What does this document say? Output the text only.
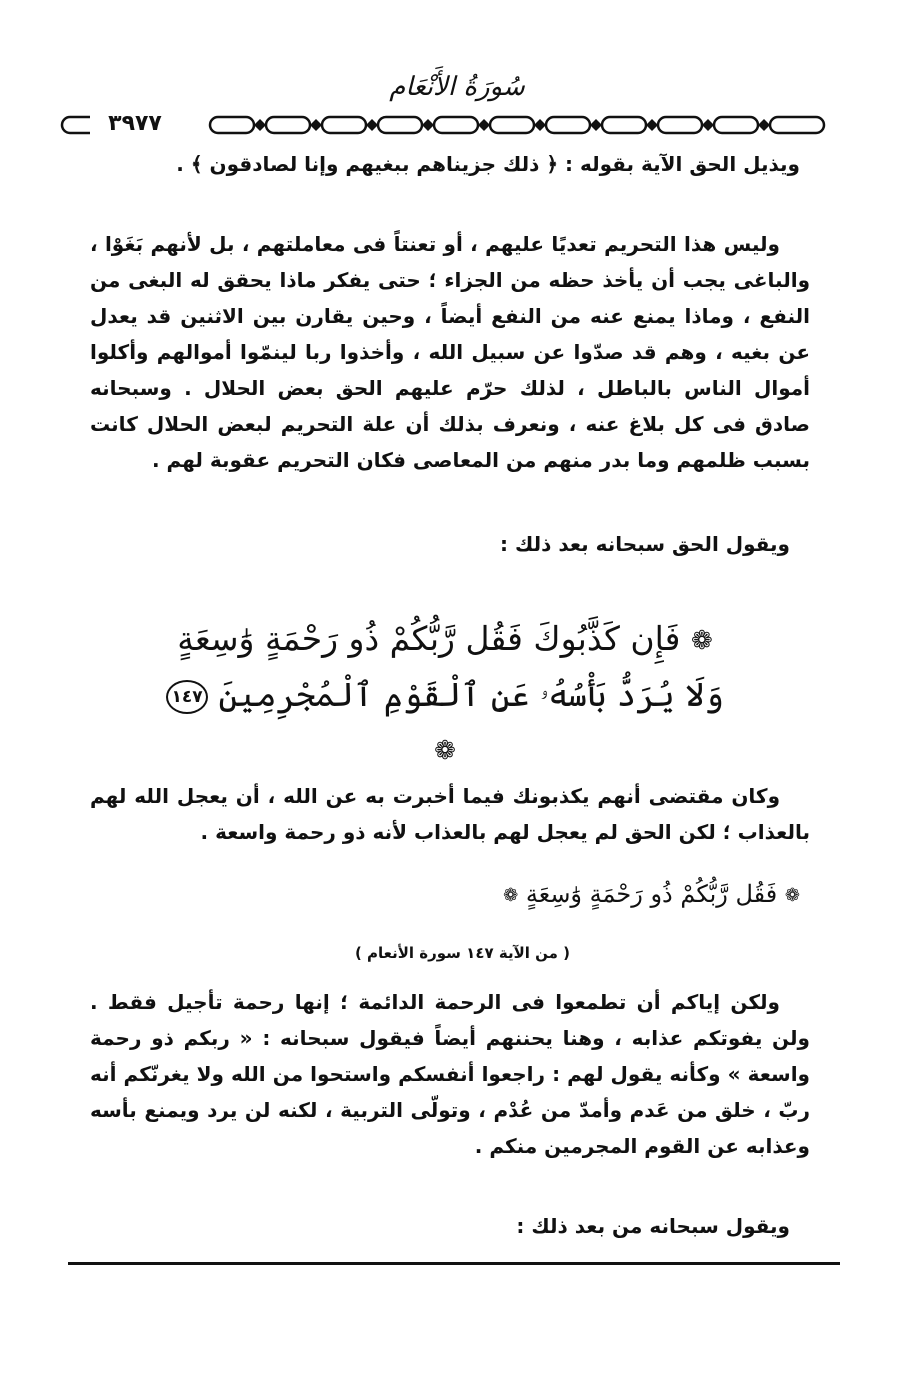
سُورَةُ الأَنْعَام
٣٩٧٧

ويذيل الحق الآية بقوله : ﴿ ذلك جزيناهم ببغيهم وإنا لصادقون ﴾ .

وليس هذا التحريم تعديًا عليهم ، أو تعنتاً فى معاملتهم ، بل لأنهم بَغَوْا ، والباغى يجب أن يأخذ حظه من الجزاء ؛ حتى يفكر ماذا يحقق له البغى من النفع ، وماذا يمنع عنه من النفع أيضاً ، وحين يقارن بين الاثنين قد يعدل عن بغيه ، وهم قد صدّوا عن سبيل الله ، وأخذوا ربا لينمّوا أموالهم وأكلوا أموال الناس بالباطل ، لذلك حرّم عليهم الحق بعض الحلال . وسبحانه صادق فى كل بلاغ عنه ، ونعرف بذلك أن علة التحريم لبعض الحلال كانت بسبب ظلمهم وما بدر منهم من المعاصى فكان التحريم عقوبة لهم .

ويقول الحق سبحانه بعد ذلك :

❁ فَإِن كَذَّبُوكَ فَقُل رَّبُّكُمْ ذُو رَحْمَةٍ وَٰسِعَةٍ
وَلَا يُرَدُّ بَأْسُهُۥ عَنِ ٱلْقَوْمِ ٱلْمُجْرِمِينَ ١٤٧ ❁

وكان مقتضى أنهم يكذبونك فيما أخبرت به عن الله ، أن يعجل الله لهم بالعذاب ؛ لكن الحق لم يعجل لهم بالعذاب لأنه ذو رحمة واسعة .

❁ فَقُل رَّبُّكُمْ ذُو رَحْمَةٍ وَٰسِعَةٍ ❁
( من الآية ١٤٧ سورة الأنعام )

ولكن إياكم أن تطمعوا فى الرحمة الدائمة ؛ إنها رحمة تأجيل فقط . ولن يفوتكم عذابه ، وهنا يحننهم أيضاً فيقول سبحانه : « ربكم ذو رحمة واسعة » وكأنه يقول لهم : راجعوا أنفسكم واستحوا من الله ولا يغرنّكم أنه ربّ ، خلق من عَدم وأمدّ من عُدْم ، وتولّى التربية ، لكنه لن يرد ويمنع بأسه وعذابه عن القوم المجرمين منكم .

ويقول سبحانه من بعد ذلك :
